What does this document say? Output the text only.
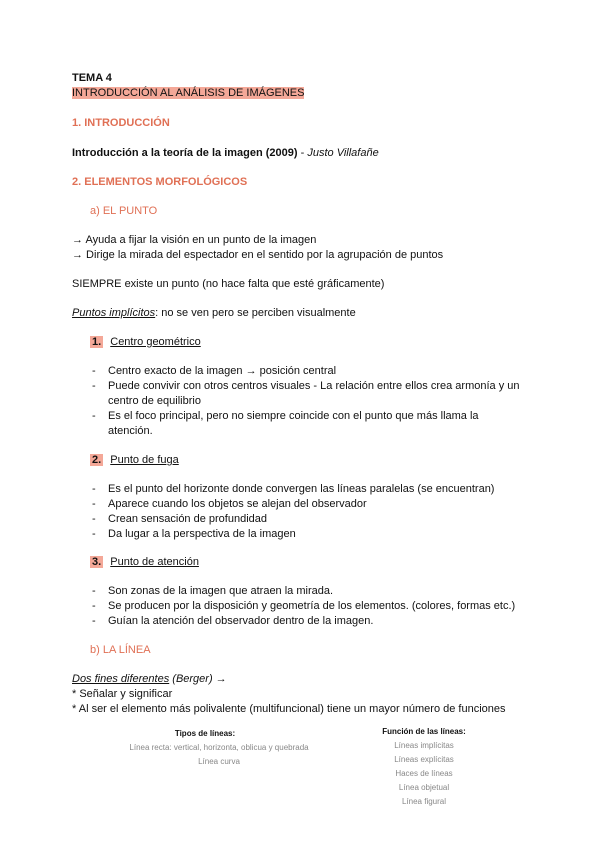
TEMA 4
INTRODUCCIÓN AL ANÁLISIS DE IMÁGENES
1. INTRODUCCIÓN
Introducción a la teoría de la imagen (2009) - Justo Villafañe
2. ELEMENTOS MORFOLÓGICOS
a) EL PUNTO
→ Ayuda a fijar la visión en un punto de la imagen
→ Dirige la mirada del espectador en el sentido por la agrupación de puntos
SIEMPRE existe un punto (no hace falta que esté gráficamente)
Puntos implícitos: no se ven pero se perciben visualmente
1. Centro geométrico
- Centro exacto de la imagen → posición central
- Puede convivir con otros centros visuales - La relación entre ellos crea armonía y un
centro de equilibrio
- Es el foco principal, pero no siempre coincide con el punto que más llama la
atención.
2. Punto de fuga
- Es el punto del horizonte donde convergen las líneas paralelas (se encuentran)
- Aparece cuando los objetos se alejan del observador
- Crean sensación de profundidad
- Da lugar a la perspectiva de la imagen
3. Punto de atención
- Son zonas de la imagen que atraen la mirada.
- Se producen por la disposición y geometría de los elementos. (colores, formas etc.)
- Guían la atención del observador dentro de la imagen.
b) LA LÍNEA
Dos fines diferentes (Berger) →
* Señalar y significar
* Al ser el elemento más polivalente (multifuncional) tiene un mayor número de funciones
Tipos de líneas:
Línea recta: vertical, horizonta, oblicua y quebrada
Línea curva
Función de las líneas:
Líneas implícitas
Líneas explícitas
Haces de líneas
Línea objetual
Línea figural
